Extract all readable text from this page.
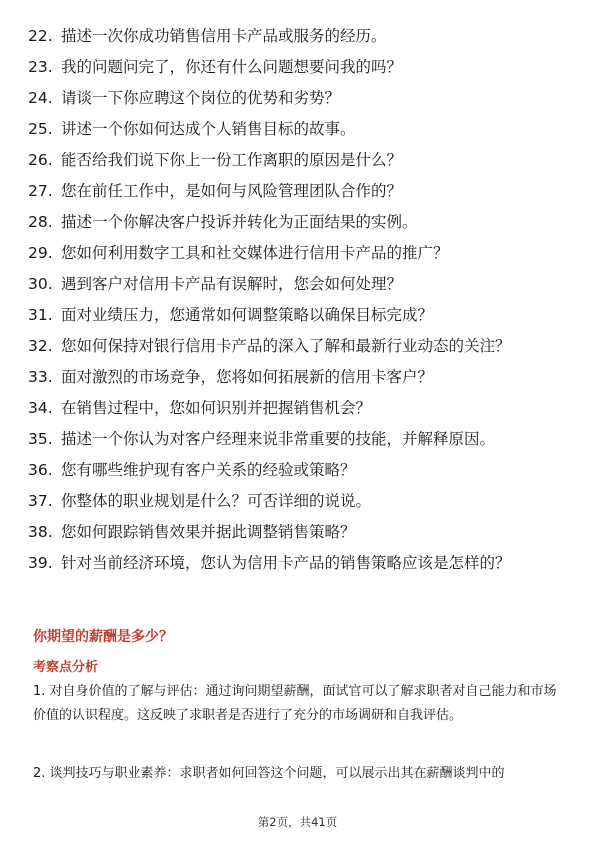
22. 描述一次你成功销售信用卡产品或服务的经历。
23. 我的问题问完了，你还有什么问题想要问我的吗？
24. 请谈一下你应聘这个岗位的优势和劣势？
25. 讲述一个你如何达成个人销售目标的故事。
26. 能否给我们说下你上一份工作离职的原因是什么？
27. 您在前任工作中，是如何与风险管理团队合作的？
28. 描述一个你解决客户投诉并转化为正面结果的实例。
29. 您如何利用数字工具和社交媒体进行信用卡产品的推广？
30. 遇到客户对信用卡产品有误解时，您会如何处理？
31. 面对业绩压力，您通常如何调整策略以确保目标完成？
32. 您如何保持对银行信用卡产品的深入了解和最新行业动态的关注？
33. 面对激烈的市场竞争，您将如何拓展新的信用卡客户？
34. 在销售过程中，您如何识别并把握销售机会？
35. 描述一个你认为对客户经理来说非常重要的技能，并解释原因。
36. 您有哪些维护现有客户关系的经验或策略？
37. 你整体的职业规划是什么？可否详细的说说。
38. 您如何跟踪销售效果并据此调整销售策略？
39. 针对当前经济环境，您认为信用卡产品的销售策略应该是怎样的？
你期望的薪酬是多少？
考察点分析
1. 对自身价值的了解与评估：通过询问期望薪酬，面试官可以了解求职者对自己能力和市场价值的认识程度。这反映了求职者是否进行了充分的市场调研和自我评估。
2. 谈判技巧与职业素养：求职者如何回答这个问题，可以展示出其在薪酬谈判中的
第2页，共41页
